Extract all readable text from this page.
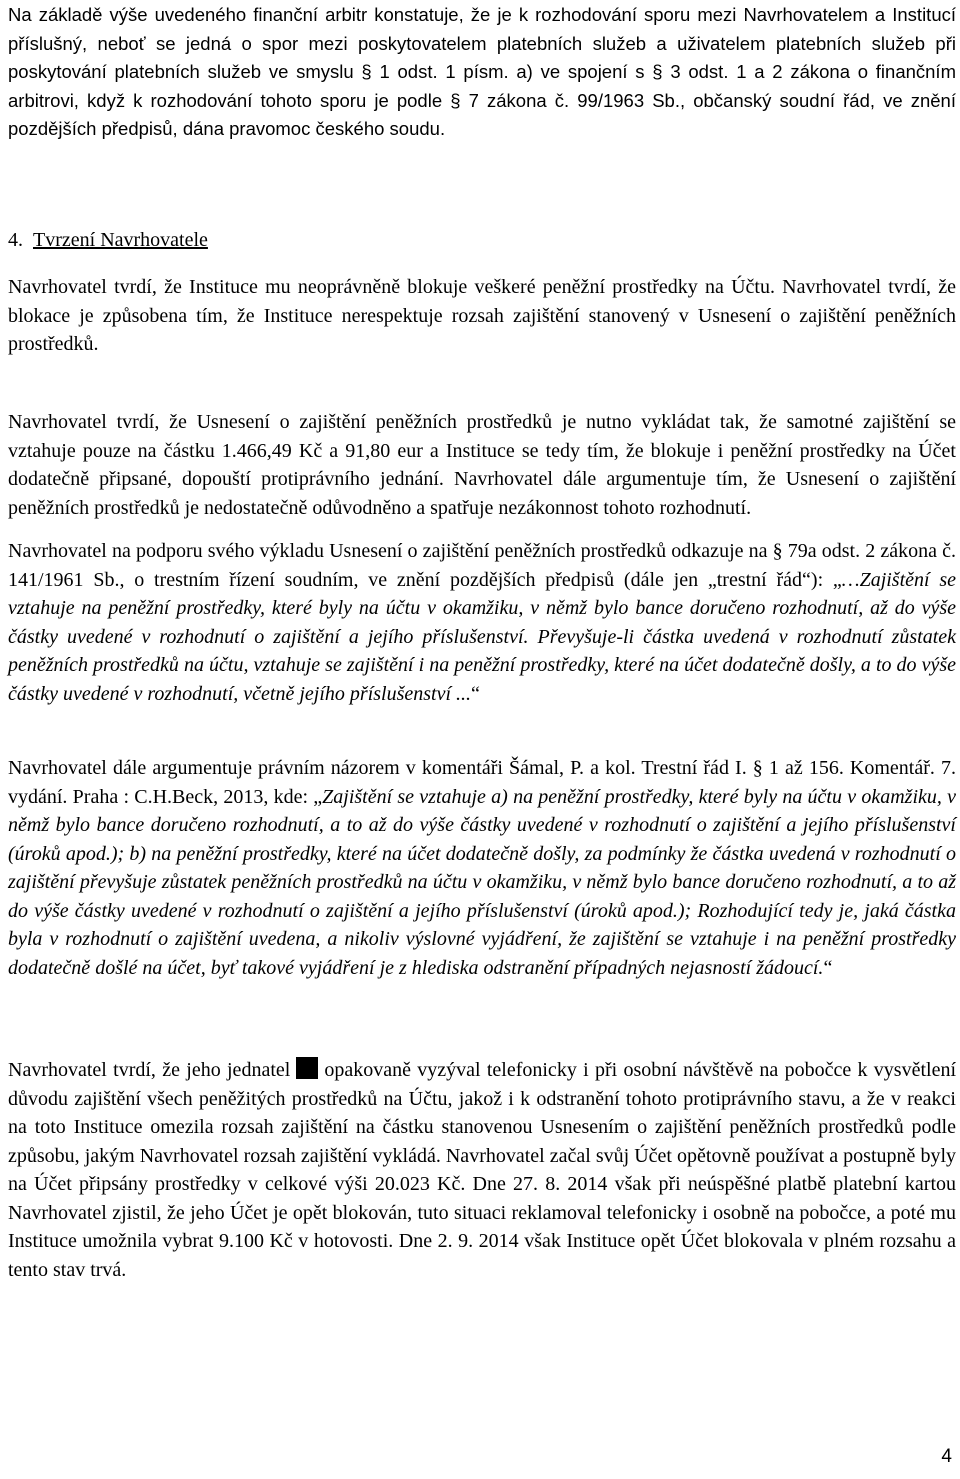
Na základě výše uvedeného finanční arbitr konstatuje, že je k rozhodování sporu mezi Navrhovatelem a Institucí příslušný, neboť se jedná o spor mezi poskytovatelem platebních služeb a uživatelem platebních služeb při poskytování platebních služeb ve smyslu § 1 odst. 1 písm. a) ve spojení s § 3 odst. 1 a 2 zákona o finančním arbitrovi, když k rozhodování tohoto sporu je podle § 7 zákona č. 99/1963 Sb., občanský soudní řád, ve znění pozdějších předpisů, dána pravomoc českého soudu.

4. Tvrzení Navrhovatele

Navrhovatel tvrdí, že Instituce mu neoprávněně blokuje veškeré peněžní prostředky na Účtu. Navrhovatel tvrdí, že blokace je způsobena tím, že Instituce nerespektuje rozsah zajištění stanovený v Usnesení o zajištění peněžních prostředků.

Navrhovatel tvrdí, že Usnesení o zajištění peněžních prostředků je nutno vykládat tak, že samotné zajištění se vztahuje pouze na částku 1.466,49 Kč a 91,80 eur a Instituce se tedy tím, že blokuje i peněžní prostředky na Účet dodatečně připsané, dopouští protiprávního jednání. Navrhovatel dále argumentuje tím, že Usnesení o zajištění peněžních prostředků je nedostatečně odůvodněno a spatřuje nezákonnost tohoto rozhodnutí.

Navrhovatel na podporu svého výkladu Usnesení o zajištění peněžních prostředků odkazuje na § 79a odst. 2 zákona č. 141/1961 Sb., o trestním řízení soudním, ve znění pozdějších předpisů (dále jen „trestní řád“): „…Zajištění se vztahuje na peněžní prostředky, které byly na účtu v okamžiku, v němž bylo bance doručeno rozhodnutí, až do výše částky uvedené v rozhodnutí o zajištění a jejího příslušenství. Převyšuje-li částka uvedená v rozhodnutí zůstatek peněžních prostředků na účtu, vztahuje se zajištění i na peněžní prostředky, které na účet dodatečně došly, a to do výše částky uvedené v rozhodnutí, včetně jejího příslušenství ...“

Navrhovatel dále argumentuje právním názorem v komentáři Šámal, P. a kol. Trestní řád I. § 1 až 156. Komentář. 7. vydání. Praha : C.H.Beck, 2013, kde: „Zajištění se vztahuje a) na peněžní prostředky, které byly na účtu v okamžiku, v němž bylo bance doručeno rozhodnutí, a to až do výše částky uvedené v rozhodnutí o zajištění a jejího příslušenství (úroků apod.); b) na peněžní prostředky, které na účet dodatečně došly, za podmínky že částka uvedená v rozhodnutí o zajištění převyšuje zůstatek peněžních prostředků na účtu v okamžiku, v němž bylo bance doručeno rozhodnutí, a to až do výše částky uvedené v rozhodnutí o zajištění a jejího příslušenství (úroků apod.); Rozhodující tedy je, jaká částka byla v rozhodnutí o zajištění uvedena, a nikoliv výslovné vyjádření, že zajištění se vztahuje i na peněžní prostředky dodatečně došlé na účet, byť takové vyjádření je z hlediska odstranění případných nejasností žádoucí.“

Navrhovatel tvrdí, že jeho jednatel opakovaně vyzýval telefonicky i při osobní návštěvě na pobočce k vysvětlení důvodu zajištění všech peněžitých prostředků na Účtu, jakož i k odstranění tohoto protiprávního stavu, a že v reakci na toto Instituce omezila rozsah zajištění na částku stanovenou Usnesením o zajištění peněžních prostředků podle způsobu, jakým Navrhovatel rozsah zajištění vykládá. Navrhovatel začal svůj Účet opětovně používat a postupně byly na Účet připsány prostředky v celkové výši 20.023 Kč. Dne 27. 8. 2014 však při neúspěšné platbě platební kartou Navrhovatel zjistil, že jeho Účet je opět blokován, tuto situaci reklamoval telefonicky i osobně na pobočce, a poté mu Instituce umožnila vybrat 9.100 Kč v hotovosti. Dne 2. 9. 2014 však Instituce opět Účet blokovala v plném rozsahu a tento stav trvá.

4
